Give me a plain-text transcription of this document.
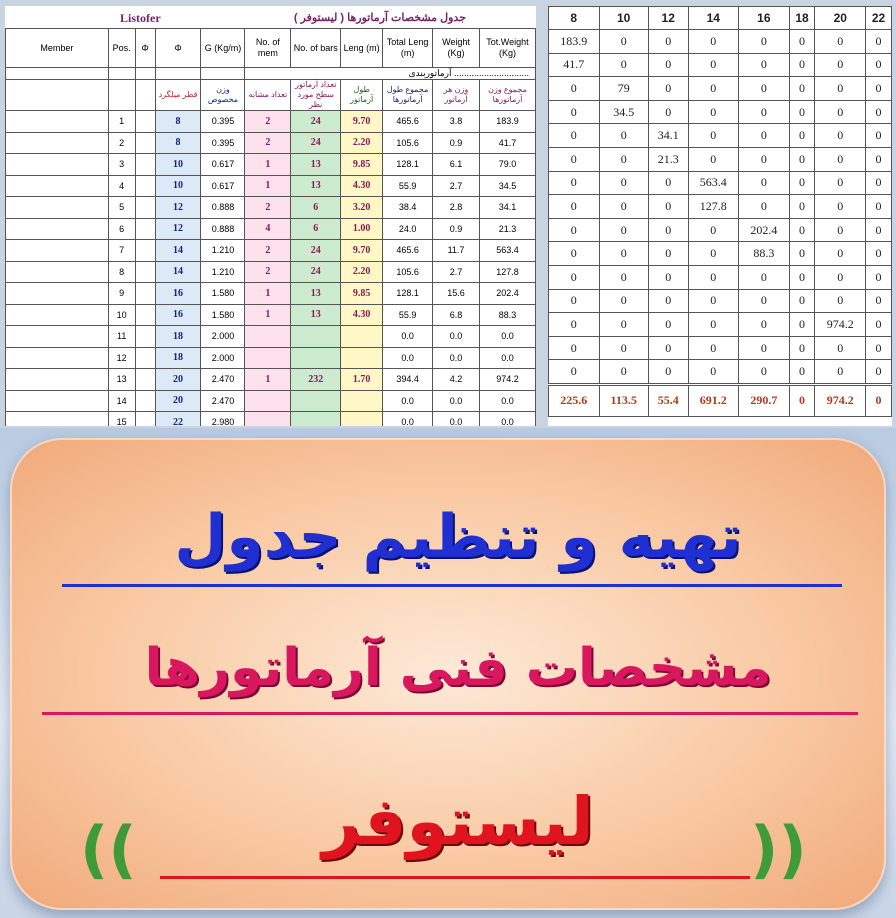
Listofer	جدول مشخصات آرماتورها ( لیستوفر )
Member	Pos.	Φ	Φ	G (Kg/m)	No. of mem	No. of bars	Leng (m)	Total Leng (m)	Weight (Kg)	Tot.Weight (Kg)
					آرماتوربندی ..............................					
			قطر میلگرد	وزن مخصوص	تعداد مشابه	تعداد آرماتور سطح مورد نظر	طول آرماتور	مجموع طول آرماتورها	وزن هر آرماتور	مجموع وزن آرماتورها
	1		8	0.395	2	24	9.70	465.6	3.8	183.9
	2		8	0.395	2	24	2.20	105.6	0.9	41.7
	3		10	0.617	1	13	9.85	128.1	6.1	79.0
	4		10	0.617	1	13	4.30	55.9	2.7	34.5
	5		12	0.888	2	6	3.20	38.4	2.8	34.1
	6		12	0.888	4	6	1.00	24.0	0.9	21.3
	7		14	1.210	2	24	9.70	465.6	11.7	563.4
	8		14	1.210	2	24	2.20	105.6	2.7	127.8
	9		16	1.580	1	13	9.85	128.1	15.6	202.4
	10		16	1.580	1	13	4.30	55.9	6.8	88.3
	11		18	2.000				0.0	0.0	0.0
	12		18	2.000				0.0	0.0	0.0
	13		20	2.470	1	232	1.70	394.4	4.2	974.2
	14		20	2.470				0.0	0.0	0.0
	15		22	2.980				0.0	0.0	0.0
8	10	12	14	16	18	20	22
183.9	0	0	0	0	0	0	0
41.7	0	0	0	0	0	0	0
0	79	0	0	0	0	0	0
0	34.5	0	0	0	0	0	0
0	0	34.1	0	0	0	0	0
0	0	21.3	0	0	0	0	0
0	0	0	563.4	0	0	0	0
0	0	0	127.8	0	0	0	0
0	0	0	0	202.4	0	0	0
0	0	0	0	88.3	0	0	0
0	0	0	0	0	0	0	0
0	0	0	0	0	0	0	0
0	0	0	0	0	0	974.2	0
0	0	0	0	0	0	0	0
0	0	0	0	0	0	0	0
225.6	113.5	55.4	691.2	290.7	0	974.2	0
تهیه و تنظیم جدول
مشخصات فنی آرماتورها
((	لیستوفر	))
